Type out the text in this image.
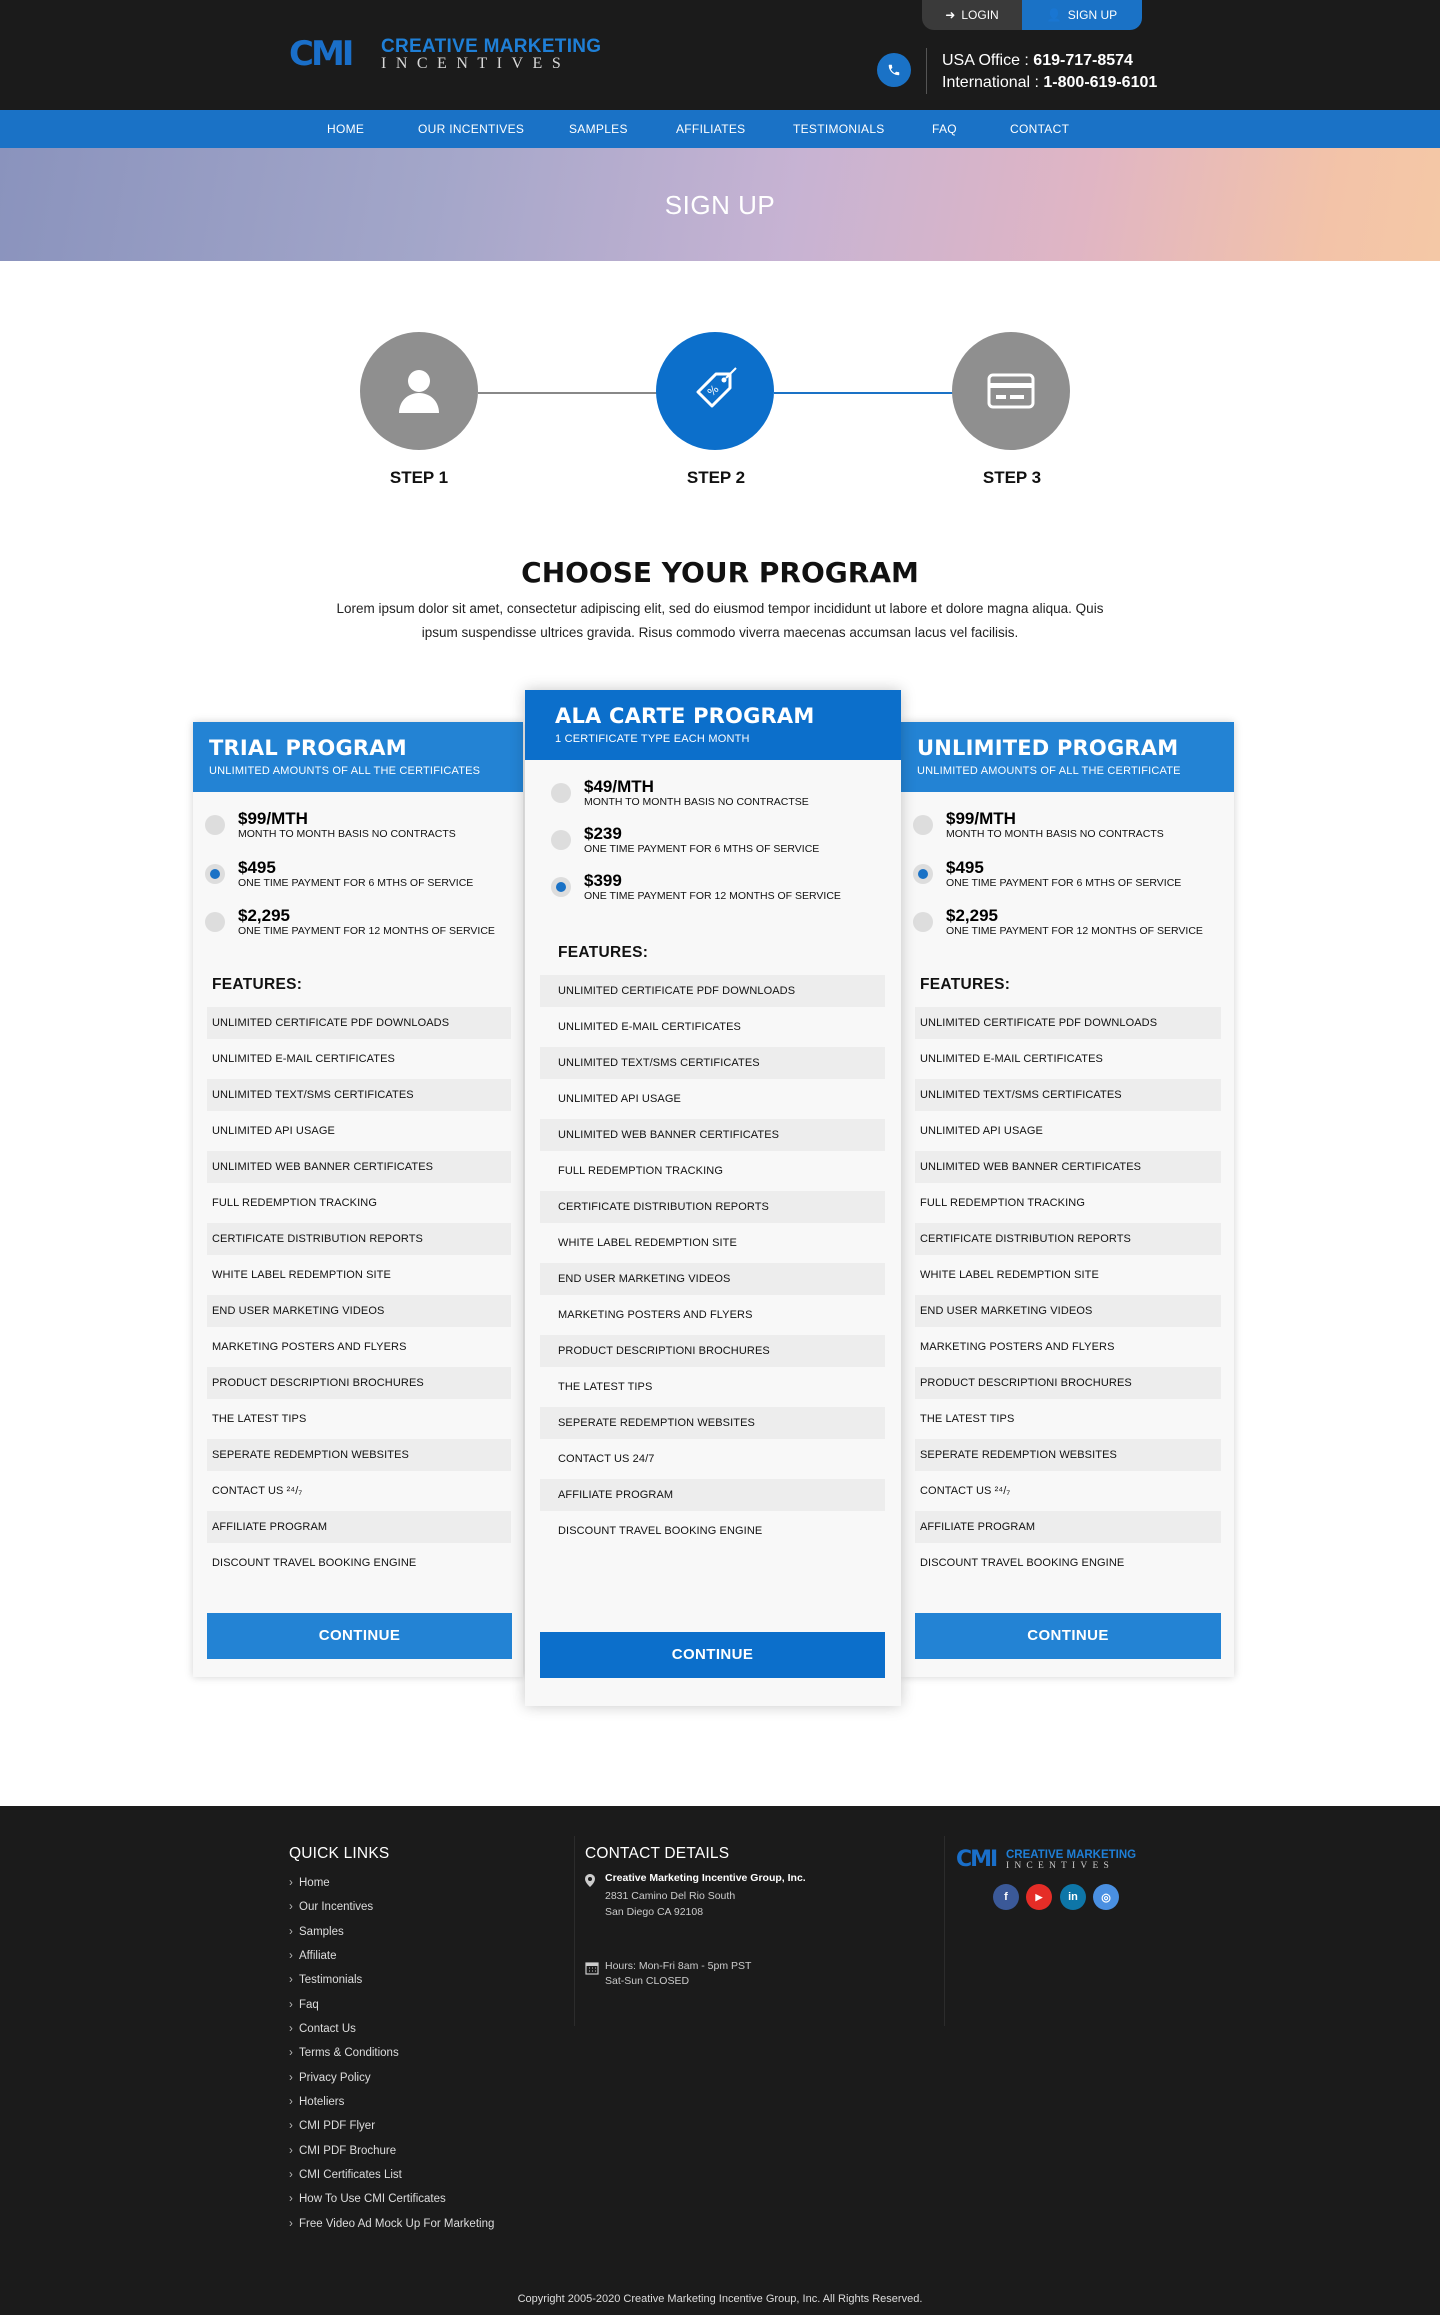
CMI	CREATIVE MARKETING
INCENTIVES
➜ LOGIN	👤 SIGN UP
USA Office : 619-717-8574
International : 1-800-619-6101
HOME	OUR INCENTIVES	SAMPLES	AFFILIATES	TESTIMONIALS	FAQ	CONTACT
SIGN UP
%
STEP 1	STEP 2	STEP 3
CHOOSE YOUR PROGRAM
Lorem ipsum dolor sit amet, consectetur adipiscing elit, sed do eiusmod tempor incididunt ut labore et dolore magna aliqua. Quis ipsum suspendisse ultrices gravida. Risus commodo viverra maecenas accumsan lacus vel facilisis.
TRIAL PROGRAM
UNLIMITED AMOUNTS OF ALL THE CERTIFICATES
$99/MTH
MONTH TO MONTH BASIS NO CONTRACTS
$495
ONE TIME PAYMENT FOR 6 MTHS OF SERVICE
$2,295
ONE TIME PAYMENT FOR 12 MONTHS OF SERVICE
FEATURES:
UNLIMITED CERTIFICATE PDF DOWNLOADS
UNLIMITED E-MAIL CERTIFICATES
UNLIMITED TEXT/SMS CERTIFICATES
UNLIMITED API USAGE
UNLIMITED WEB BANNER CERTIFICATES
FULL REDEMPTION TRACKING
CERTIFICATE DISTRIBUTION REPORTS
WHITE LABEL REDEMPTION SITE
END USER MARKETING VIDEOS
MARKETING POSTERS AND FLYERS
PRODUCT DESCRIPTIONI BROCHURES
THE LATEST TIPS
SEPERATE REDEMPTION WEBSITES
CONTACT US ²⁴/₇
AFFILIATE PROGRAM
DISCOUNT TRAVEL BOOKING ENGINE
CONTINUE
UNLIMITED PROGRAM
UNLIMITED AMOUNTS OF ALL THE CERTIFICATE
$99/MTH
MONTH TO MONTH BASIS NO CONTRACTS
$495
ONE TIME PAYMENT FOR 6 MTHS OF SERVICE
$2,295
ONE TIME PAYMENT FOR 12 MONTHS OF SERVICE
FEATURES:
UNLIMITED CERTIFICATE PDF DOWNLOADS
UNLIMITED E-MAIL CERTIFICATES
UNLIMITED TEXT/SMS CERTIFICATES
UNLIMITED API USAGE
UNLIMITED WEB BANNER CERTIFICATES
FULL REDEMPTION TRACKING
CERTIFICATE DISTRIBUTION REPORTS
WHITE LABEL REDEMPTION SITE
END USER MARKETING VIDEOS
MARKETING POSTERS AND FLYERS
PRODUCT DESCRIPTIONI BROCHURES
THE LATEST TIPS
SEPERATE REDEMPTION WEBSITES
CONTACT US ²⁴/₇
AFFILIATE PROGRAM
DISCOUNT TRAVEL BOOKING ENGINE
CONTINUE
ALA CARTE PROGRAM
1 CERTIFICATE TYPE EACH MONTH
$49/MTH
MONTH TO MONTH BASIS NO CONTRACTSE
$239
ONE TIME PAYMENT FOR 6 MTHS OF SERVICE
$399
ONE TIME PAYMENT FOR 12 MONTHS OF SERVICE
FEATURES:
UNLIMITED CERTIFICATE PDF DOWNLOADS
UNLIMITED E-MAIL CERTIFICATES
UNLIMITED TEXT/SMS CERTIFICATES
UNLIMITED API USAGE
UNLIMITED WEB BANNER CERTIFICATES
FULL REDEMPTION TRACKING
CERTIFICATE DISTRIBUTION REPORTS
WHITE LABEL REDEMPTION SITE
END USER MARKETING VIDEOS
MARKETING POSTERS AND FLYERS
PRODUCT DESCRIPTIONI BROCHURES
THE LATEST TIPS
SEPERATE REDEMPTION WEBSITES
CONTACT US 24/7
AFFILIATE PROGRAM
DISCOUNT TRAVEL BOOKING ENGINE
CONTINUE
QUICK LINKS
› Home
› Our Incentives
› Samples
› Affiliate
› Testimonials
› Faq
› Contact Us
› Terms & Conditions
› Privacy Policy
› Hoteliers
› CMI PDF Flyer
› CMI PDF Brochure
› CMI Certificates List
› How To Use CMI Certificates
› Free Video Ad Mock Up For Marketing
CONTACT DETAILS
Creative Marketing Incentive Group, Inc.
2831 Camino Del Rio South
San Diego CA 92108
Hours: Mon-Fri 8am - 5pm PST
Sat-Sun CLOSED
CMI CREATIVE MARKETING
INCENTIVES
f	▶	in	◎
Copyright 2005-2020 Creative Marketing Incentive Group, Inc. All Rights Reserved.
